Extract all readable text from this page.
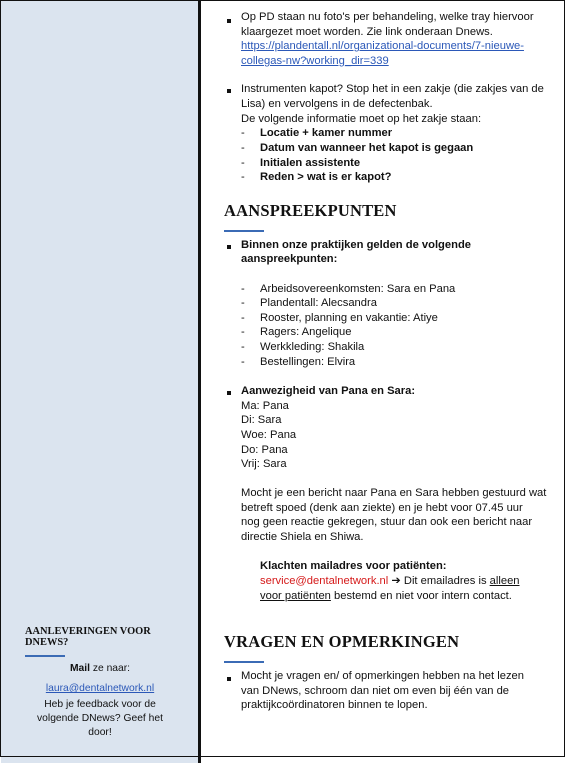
Op PD staan nu foto's per behandeling, welke tray hiervoor
klaargezet moet worden. Zie link onderaan Dnews.
https://plandentall.nl/organizational-documents/7-nieuwe-
collegas-nw?working_dir=339
Instrumenten kapot? Stop het in een zakje (die zakjes van de
Lisa) en vervolgens in de defectenbak.
De volgende informatie moet op het zakje staan:
- Locatie + kamer nummer
- Datum van wanneer het kapot is gegaan
- Initialen assistente
- Reden > wat is er kapot?
AANSPREEKPUNTEN
Binnen onze praktijken gelden de volgende
aanspreekpunten:
- Arbeidsovereenkomsten: Sara en Pana
- Plandentall: Alecsandra
- Rooster, planning en vakantie: Atiye
- Ragers: Angelique
- Werkkleding: Shakila
- Bestellingen: Elvira
Aanwezigheid van Pana en Sara:
Ma: Pana
Di: Sara
Woe: Pana
Do: Pana
Vrij: Sara
Mocht je een bericht naar Pana en Sara hebben gestuurd wat
betreft spoed (denk aan ziekte) en je hebt voor 07.45 uur
nog geen reactie gekregen, stuur dan ook een bericht naar
directie Shiela en Shiwa.
Klachten mailadres voor patiënten:
service@dentalnetwork.nl ➔ Dit emailadres is alleen
voor patiënten bestemd en niet voor intern contact.
VRAGEN EN OPMERKINGEN
Mocht je vragen en/ of opmerkingen hebben na het lezen
van DNews, schroom dan niet om even bij één van de
praktijkcoördinatoren binnen te lopen.
AANLEVERINGEN VOOR DNEWS?
Mail ze naar:
laura@dentalnetwork.nl
Heb je feedback voor de
volgende DNews? Geef het
door!
